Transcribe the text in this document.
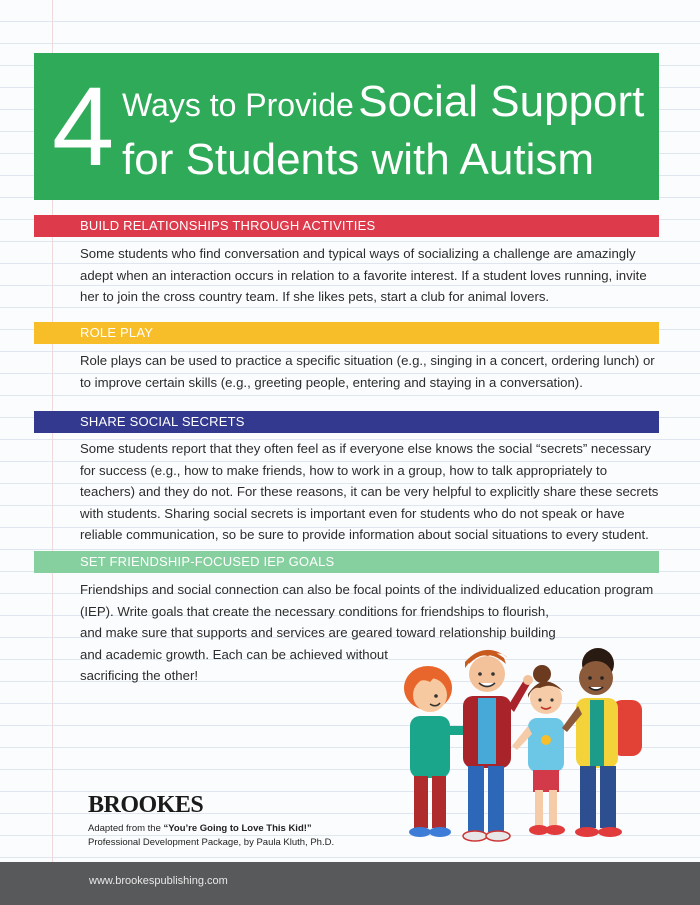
4 Ways to Provide Social Support
for Students with Autism
BUILD RELATIONSHIPS THROUGH ACTIVITIES

Some students who find conversation and typical ways of socializing a challenge are amazingly adept when an interaction occurs in relation to a favorite interest. If a student loves running, invite her to join the cross country team. If she likes pets, start a club for animal lovers.

ROLE PLAY

Role plays can be used to practice a specific situation (e.g., singing in a concert, ordering lunch) or to improve certain skills (e.g., greeting people, entering and staying in a conversation).

SHARE SOCIAL SECRETS

Some students report that they often feel as if everyone else knows the social “secrets” necessary for success (e.g., how to make friends, how to work in a group, how to talk appropriately to teachers) and they do not. For these reasons, it can be very helpful to explicitly share these secrets with students. Sharing social secrets is important even for students who do not speak or have reliable communication, so be sure to provide information about social situations to every student.

SET FRIENDSHIP-FOCUSED IEP GOALS

Friendships and social connection can also be focal points of the individualized education program
(IEP). Write goals that create the necessary conditions for friendships to flourish,
and make sure that supports and services are geared toward relationship building
and academic growth. Each can be achieved without
sacrificing the other!

BROOKES
Adapted from the “You’re Going to Love This Kid!”
Professional Development Package, by Paula Kluth, Ph.D.
www.brookespublishing.com
